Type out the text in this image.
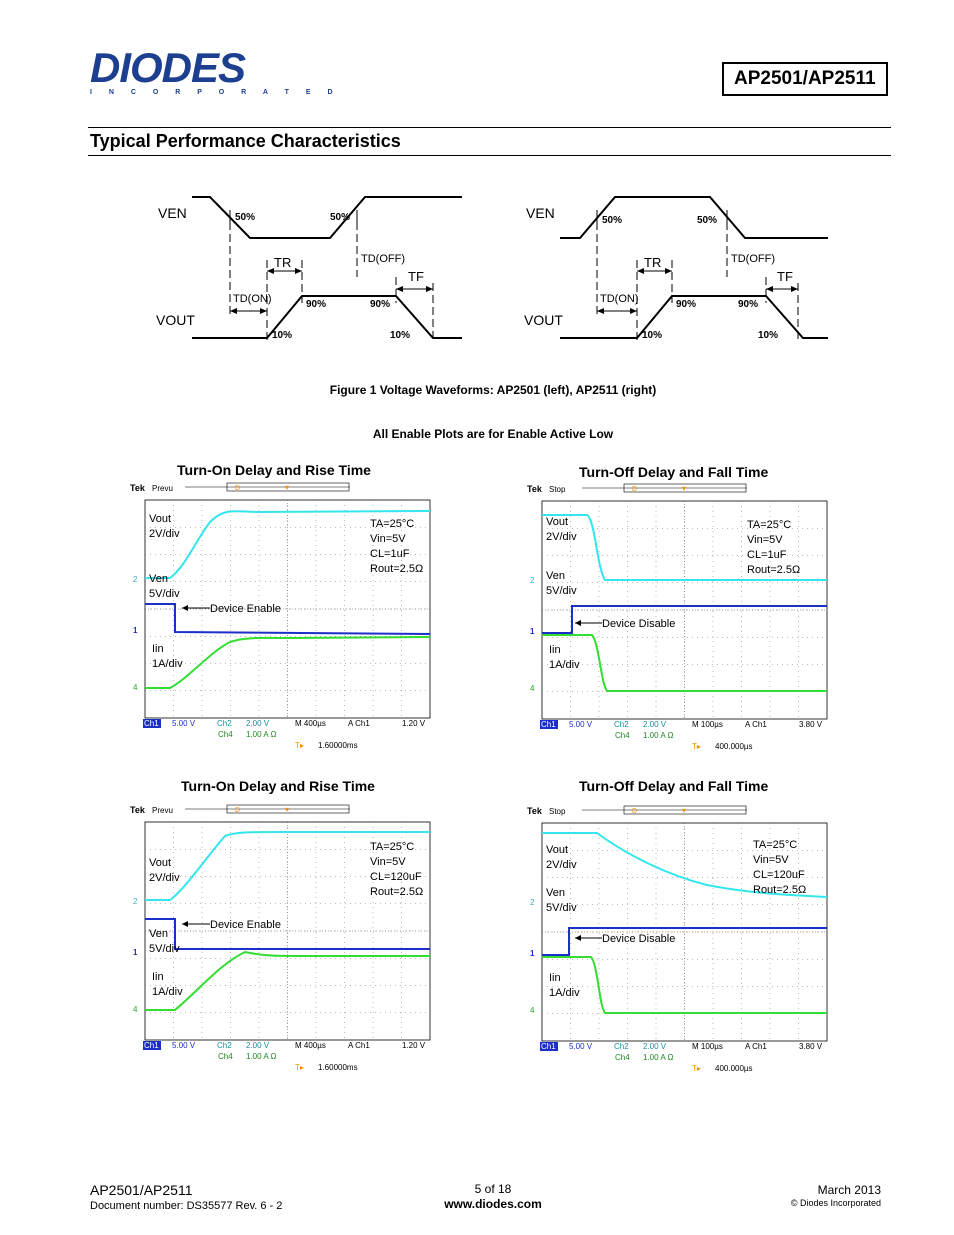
DIODES
I N C O R P O R A T E D
AP2501/AP2511
Typical Performance Characteristics
VEN
VOUT
50%	50%
90%	90%
10%	10%
TR
TF
TD(ON)
TD(OFF)
VEN
VOUT
50%	50%
90%	90%
10%	10%
TR
TF
TD(ON)
TD(OFF)
Figure 1 Voltage Waveforms: AP2501 (left), AP2511 (right)
All Enable Plots are for Enable Active Low
Turn-On Delay and Rise Time
Tek Prevu	D	▾
2
1
4
Vout
2V/div
Ven
5V/div
Iin
1A/div
Device Enable
TA=25°C
Vin=5V
CL=1uF
Rout=2.5Ω
Ch1 5.00 V	Ch2 2.00 V	M 400µs	A Ch1	1.20 V
Ch4 1.00 A Ω
T▸ 1.60000ms
Turn-Off Delay and Fall Time
Tek Stop	D	▾
2
1
4
Vout
2V/div
Ven
5V/div
Iin
1A/div
Device Disable
TA=25°C
Vin=5V
CL=1uF
Rout=2.5Ω
Ch1 5.00 V	Ch2 2.00 V	M 100µs	A Ch1	3.80 V
Ch4 1.00 A Ω
T▸ 400.000µs
Turn-On Delay and Rise Time
Tek Prevu	D	▾
2
1
4
Vout
2V/div
Ven
5V/div
Iin
1A/div
Device Enable
TA=25°C
Vin=5V
CL=120uF
Rout=2.5Ω
Ch1 5.00 V	Ch2 2.00 V	M 400µs	A Ch1	1.20 V
Ch4 1.00 A Ω
T▸ 1.60000ms
Turn-Off Delay and Fall Time
Tek Stop	D	▾
2
1
4
Vout
2V/div
Ven
5V/div
Iin
1A/div
Device Disable
TA=25°C
Vin=5V
CL=120uF
Rout=2.5Ω
Ch1 5.00 V	Ch2 2.00 V	M 100µs	A Ch1	3.80 V
Ch4 1.00 A Ω
T▸ 400.000µs
AP2501/AP2511
Document number: DS35577 Rev. 6 - 2
5 of 18
www.diodes.com
March 2013
© Diodes Incorporated
